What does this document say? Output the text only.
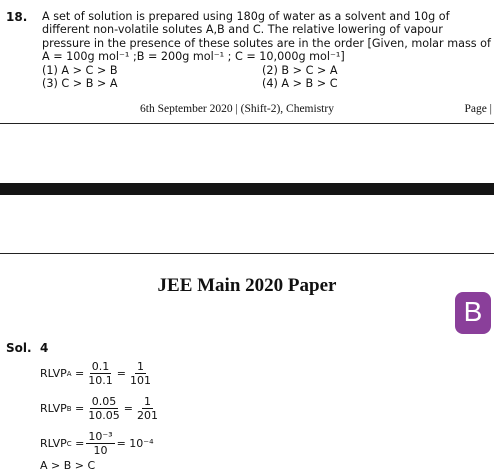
18. A set of solution is prepared using 180g of water as a solvent and 10g of different non-volatile solutes A,B and C. The relative lowering of vapour pressure in the presence of these solutes are in the order [Given, molar mass of A = 100g mol⁻¹ ;B = 200g mol⁻¹ ; C = 10,000g mol⁻¹]
(1) A > C > B	(2) B > C > A
(3) C > B > A	(4) A > B > C
6th September 2020 | (Shift-2), Chemistry	Page |
JEE Main 2020 Paper
B
Sol. 4
RLVP $A = \frac{0.1}{10.1} = \frac{1}{101}$
RLVP $B = \frac{0.05}{10.05} = \frac{1}{201}$
RLVP $C = \frac{\text{10⁻³}}{10} = 10^{-4}$
A > B > C
